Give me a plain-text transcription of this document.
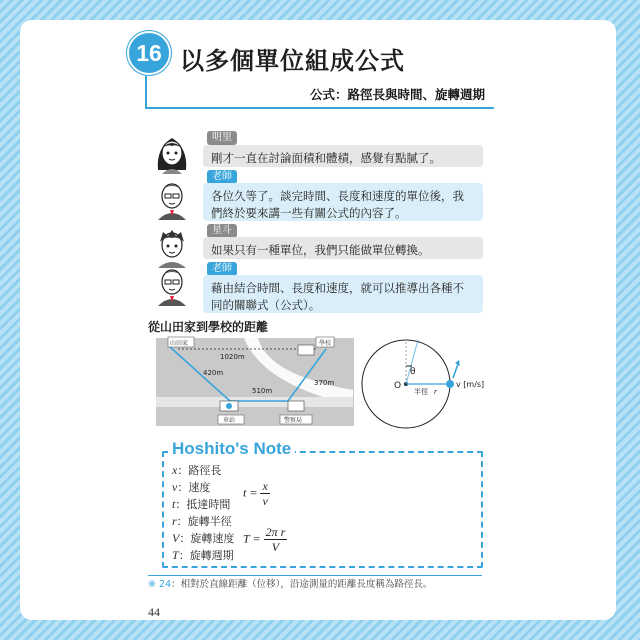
16 以多個單位組成公式
公式：路徑長與時間、旋轉週期
明里
剛才一直在討論面積和體積，感覺有點膩了。
老師
各位久等了。談完時間、長度和速度的單位後，我們終於要來講一些有關公式的內容了。
星斗
如果只有一種單位，我們只能做單位轉換。
老師
藉由結合時間、長度和速度，就可以推導出各種不同的關聯式（公式）。
從山田家到學校的距離
山田家	學校
1020m
420m
510m
370m
車站	警察局
O
θ
半徑 r
v [m/s]
Hoshito's Note
x：路徑長
v：速度
t：抵達時間
r：旋轉半徑
V：旋轉速度
T：旋轉週期
$t = \frac{x}{v}$
$T = \frac{\text{2π r}}{V}$
※ 24：相對於直線距離（位移），沿途測量的距離長度稱為路徑長。
44
